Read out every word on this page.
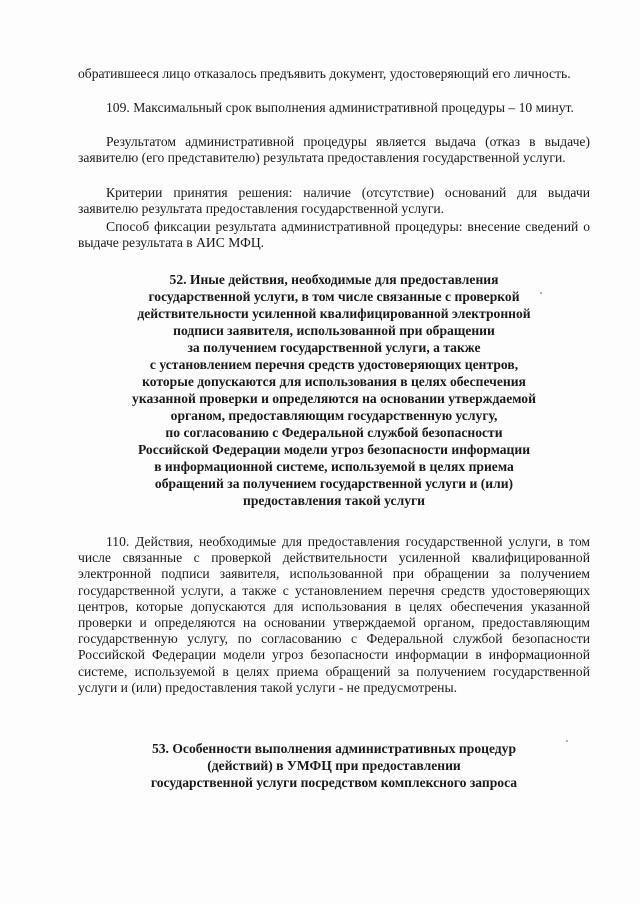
обратившееся лицо отказалось предъявить документ, удостоверяющий его личность.

109. Максимальный срок выполнения административной процедуры – 10 минут.

Результатом административной процедуры является выдача (отказ в выдаче) заявителю (его представителю) результата предоставления государственной услуги.

Критерии принятия решения: наличие (отсутствие) оснований для выдачи заявителю результата предоставления государственной услуги.

Способ фиксации результата административной процедуры: внесение сведений о выдаче результата в АИС МФЦ.

52. Иные действия, необходимые для предоставления
государственной услуги, в том числе связанные с проверкой
действительности усиленной квалифицированной электронной
подписи заявителя, использованной при обращении
за получением государственной услуги, а также
с установлением перечня средств удостоверяющих центров,
которые допускаются для использования в целях обеспечения
указанной проверки и определяются на основании утверждаемой
органом, предоставляющим государственную услугу,
по согласованию с Федеральной службой безопасности
Российской Федерации модели угроз безопасности информации
в информационной системе, используемой в целях приема
обращений за получением государственной услуги и (или)
предоставления такой услуги

110. Действия, необходимые для предоставления государственной услуги, в том числе связанные с проверкой действительности усиленной квалифицированной электронной подписи заявителя, использованной при обращении за получением государственной услуги, а также с установлением перечня средств удостоверяющих центров, которые допускаются для использования в целях обеспечения указанной проверки и определяются на основании утверждаемой органом, предоставляющим государственную услугу, по согласованию с Федеральной службой безопасности Российской Федерации модели угроз безопасности информации в информационной системе, используемой в целях приема обращений за получением государственной услуги и (или) предоставления такой услуги - не предусмотрены.

53. Особенности выполнения административных процедур
(действий) в УМФЦ при предоставлении
государственной услуги посредством комплексного запроса
